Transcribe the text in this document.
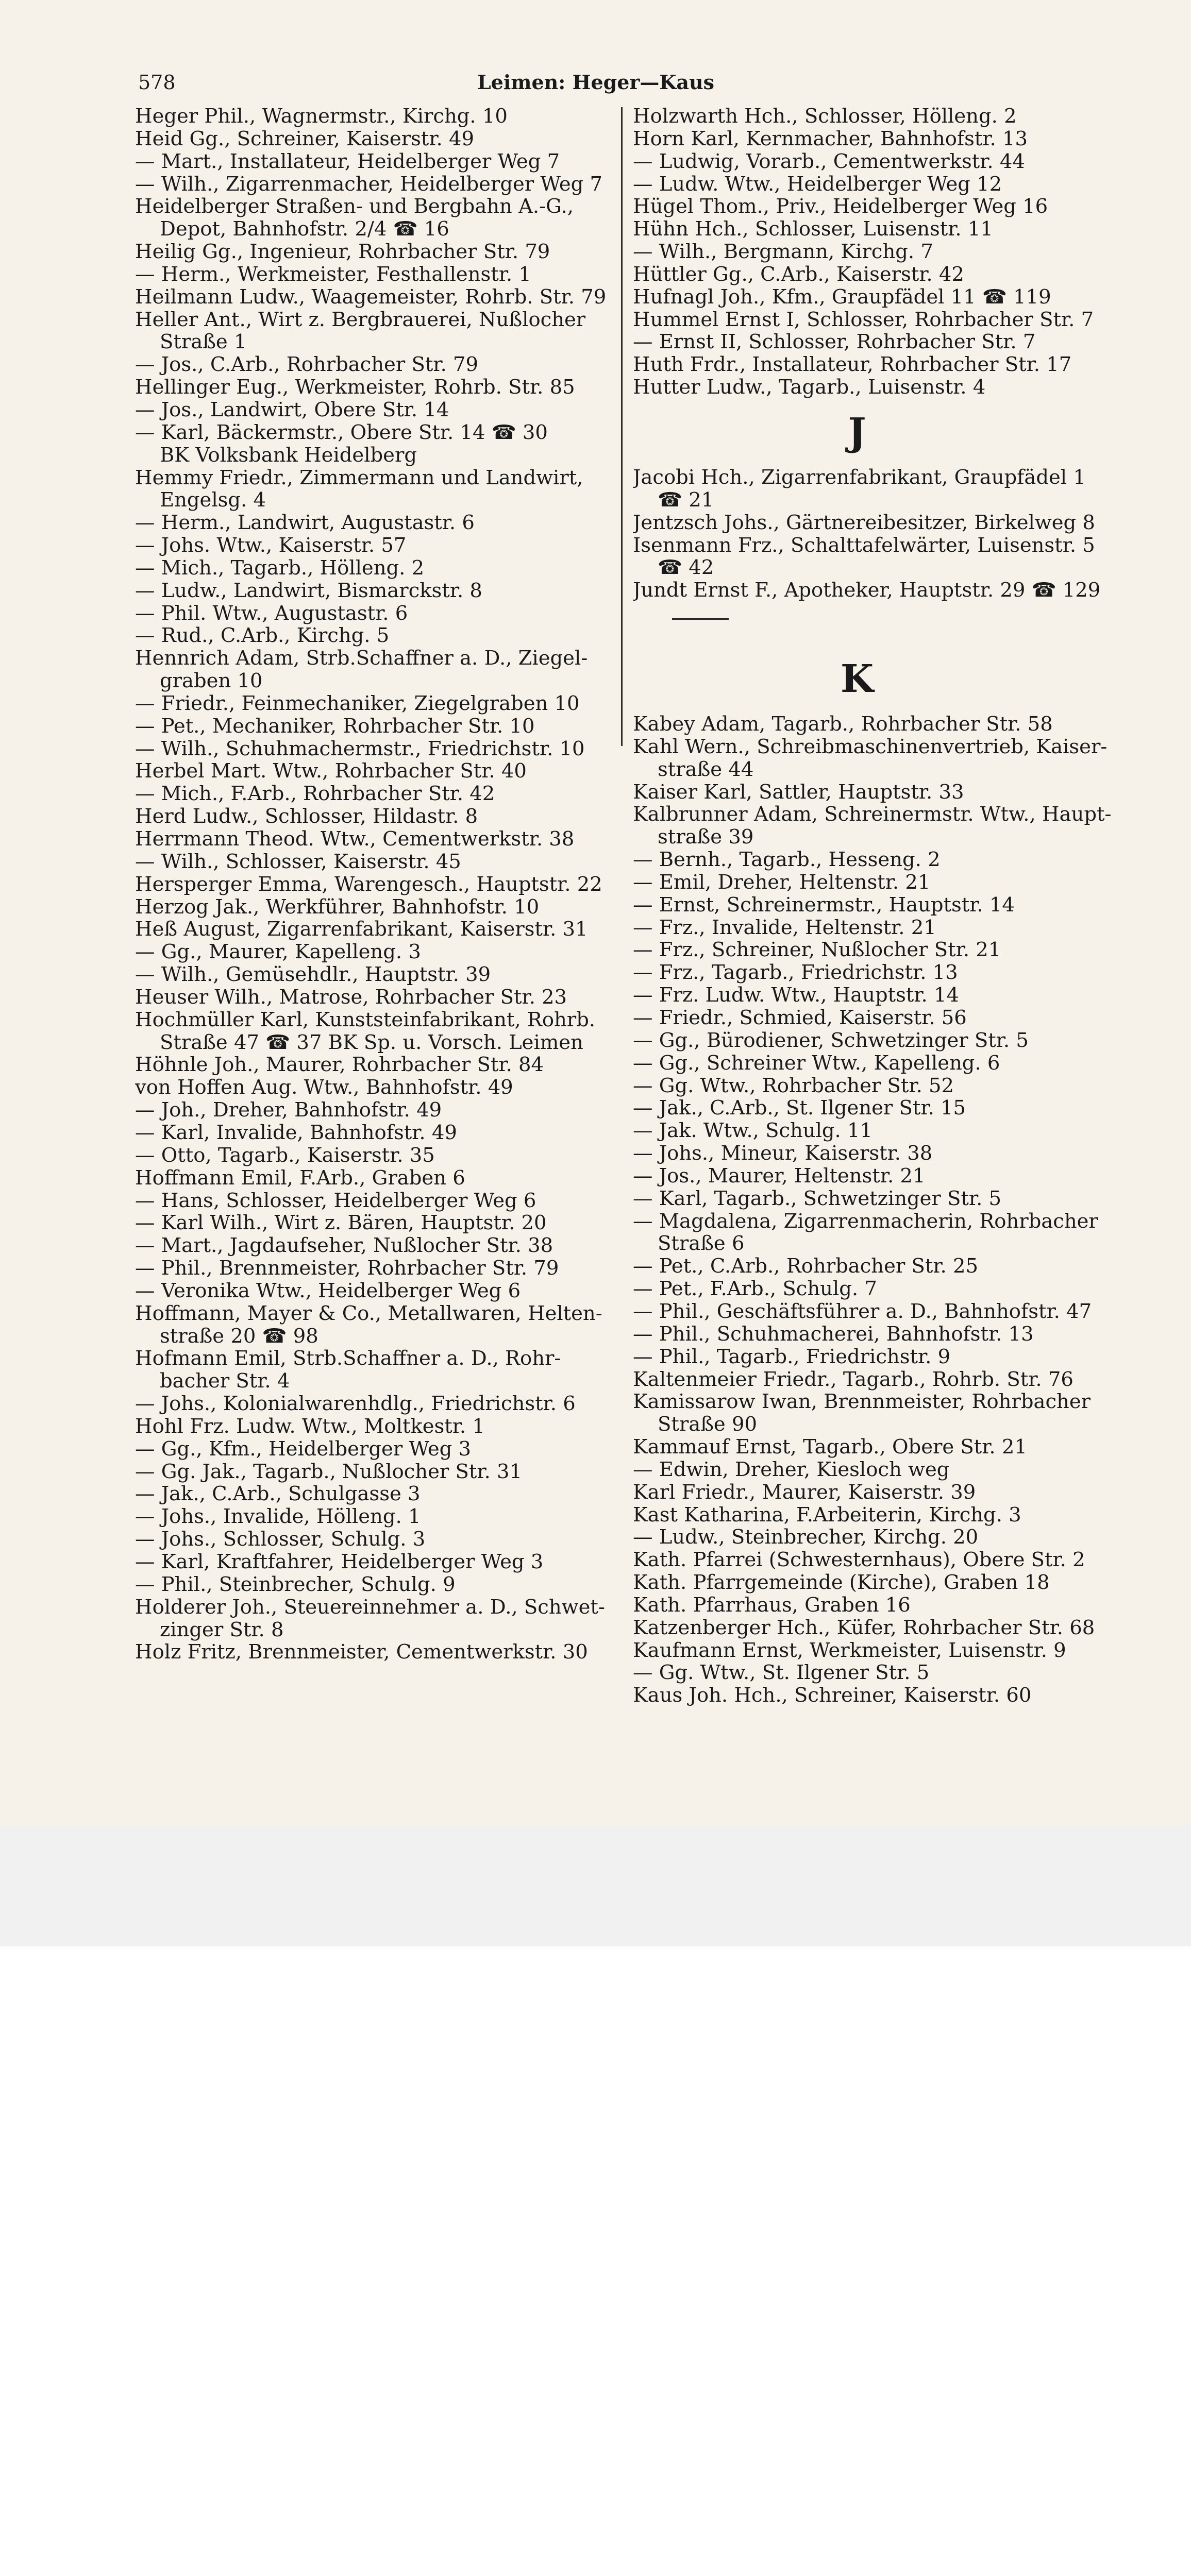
578	Leimen: Heger—Kaus
Heger Phil., Wagnermstr., Kirchg. 10
Heid Gg., Schreiner, Kaiserstr. 49
— Mart., Installateur, Heidelberger Weg 7
— Wilh., Zigarrenmacher, Heidelberger Weg 7
Heidelberger Straßen- und Bergbahn A.-G.,
Depot, Bahnhofstr. 2/4 ☎ 16
Heilig Gg., Ingenieur, Rohrbacher Str. 79
— Herm., Werkmeister, Festhallenstr. 1
Heilmann Ludw., Waagemeister, Rohrb. Str. 79
Heller Ant., Wirt z. Bergbrauerei, Nußlocher
Straße 1
— Jos., C.Arb., Rohrbacher Str. 79
Hellinger Eug., Werkmeister, Rohrb. Str. 85
— Jos., Landwirt, Obere Str. 14
— Karl, Bäckermstr., Obere Str. 14 ☎ 30
BK Volksbank Heidelberg
Hemmy Friedr., Zimmermann und Landwirt,
Engelsg. 4
— Herm., Landwirt, Augustastr. 6
— Johs. Wtw., Kaiserstr. 57
— Mich., Tagarb., Hölleng. 2
— Ludw., Landwirt, Bismarckstr. 8
— Phil. Wtw., Augustastr. 6
— Rud., C.Arb., Kirchg. 5
Hennrich Adam, Strb.Schaffner a. D., Ziegel-
graben 10
— Friedr., Feinmechaniker, Ziegelgraben 10
— Pet., Mechaniker, Rohrbacher Str. 10
— Wilh., Schuhmachermstr., Friedrichstr. 10
Herbel Mart. Wtw., Rohrbacher Str. 40
— Mich., F.Arb., Rohrbacher Str. 42
Herd Ludw., Schlosser, Hildastr. 8
Herrmann Theod. Wtw., Cementwerkstr. 38
— Wilh., Schlosser, Kaiserstr. 45
Hersperger Emma, Warengesch., Hauptstr. 22
Herzog Jak., Werkführer, Bahnhofstr. 10
Heß August, Zigarrenfabrikant, Kaiserstr. 31
— Gg., Maurer, Kapelleng. 3
— Wilh., Gemüsehdlr., Hauptstr. 39
Heuser Wilh., Matrose, Rohrbacher Str. 23
Hochmüller Karl, Kunststeinfabrikant, Rohrb.
Straße 47 ☎ 37 BK Sp. u. Vorsch. Leimen
Höhnle Joh., Maurer, Rohrbacher Str. 84
von Hoffen Aug. Wtw., Bahnhofstr. 49
— Joh., Dreher, Bahnhofstr. 49
— Karl, Invalide, Bahnhofstr. 49
— Otto, Tagarb., Kaiserstr. 35
Hoffmann Emil, F.Arb., Graben 6
— Hans, Schlosser, Heidelberger Weg 6
— Karl Wilh., Wirt z. Bären, Hauptstr. 20
— Mart., Jagdaufseher, Nußlocher Str. 38
— Phil., Brennmeister, Rohrbacher Str. 79
— Veronika Wtw., Heidelberger Weg 6
Hoffmann, Mayer & Co., Metallwaren, Helten-
straße 20 ☎ 98
Hofmann Emil, Strb.Schaffner a. D., Rohr-
bacher Str. 4
— Johs., Kolonialwarenhdlg., Friedrichstr. 6
Hohl Frz. Ludw. Wtw., Moltkestr. 1
— Gg., Kfm., Heidelberger Weg 3
— Gg. Jak., Tagarb., Nußlocher Str. 31
— Jak., C.Arb., Schulgasse 3
— Johs., Invalide, Hölleng. 1
— Johs., Schlosser, Schulg. 3
— Karl, Kraftfahrer, Heidelberger Weg 3
— Phil., Steinbrecher, Schulg. 9
Holderer Joh., Steuereinnehmer a. D., Schwet-
zinger Str. 8
Holz Fritz, Brennmeister, Cementwerkstr. 30
Holzwarth Hch., Schlosser, Hölleng. 2
Horn Karl, Kernmacher, Bahnhofstr. 13
— Ludwig, Vorarb., Cementwerkstr. 44
— Ludw. Wtw., Heidelberger Weg 12
Hügel Thom., Priv., Heidelberger Weg 16
Hühn Hch., Schlosser, Luisenstr. 11
— Wilh., Bergmann, Kirchg. 7
Hüttler Gg., C.Arb., Kaiserstr. 42
Hufnagl Joh., Kfm., Graupfädel 11 ☎ 119
Hummel Ernst I, Schlosser, Rohrbacher Str. 7
— Ernst II, Schlosser, Rohrbacher Str. 7
Huth Frdr., Installateur, Rohrbacher Str. 17
Hutter Ludw., Tagarb., Luisenstr. 4
J
Jacobi Hch., Zigarrenfabrikant, Graupfädel 1
☎ 21
Jentzsch Johs., Gärtnereibesitzer, Birkelweg 8
Isenmann Frz., Schalttafelwärter, Luisenstr. 5
☎ 42
Jundt Ernst F., Apotheker, Hauptstr. 29 ☎ 129
K
Kabey Adam, Tagarb., Rohrbacher Str. 58
Kahl Wern., Schreibmaschinenvertrieb, Kaiser-
straße 44
Kaiser Karl, Sattler, Hauptstr. 33
Kalbrunner Adam, Schreinermstr. Wtw., Haupt-
straße 39
— Bernh., Tagarb., Hesseng. 2
— Emil, Dreher, Heltenstr. 21
— Ernst, Schreinermstr., Hauptstr. 14
— Frz., Invalide, Heltenstr. 21
— Frz., Schreiner, Nußlocher Str. 21
— Frz., Tagarb., Friedrichstr. 13
— Frz. Ludw. Wtw., Hauptstr. 14
— Friedr., Schmied, Kaiserstr. 56
— Gg., Bürodiener, Schwetzinger Str. 5
— Gg., Schreiner Wtw., Kapelleng. 6
— Gg. Wtw., Rohrbacher Str. 52
— Jak., C.Arb., St. Ilgener Str. 15
— Jak. Wtw., Schulg. 11
— Johs., Mineur, Kaiserstr. 38
— Jos., Maurer, Heltenstr. 21
— Karl, Tagarb., Schwetzinger Str. 5
— Magdalena, Zigarrenmacherin, Rohrbacher
Straße 6
— Pet., C.Arb., Rohrbacher Str. 25
— Pet., F.Arb., Schulg. 7
— Phil., Geschäftsführer a. D., Bahnhofstr. 47
— Phil., Schuhmacherei, Bahnhofstr. 13
— Phil., Tagarb., Friedrichstr. 9
Kaltenmeier Friedr., Tagarb., Rohrb. Str. 76
Kamissarow Iwan, Brennmeister, Rohrbacher
Straße 90
Kammauf Ernst, Tagarb., Obere Str. 21
— Edwin, Dreher, Kiesloch weg
Karl Friedr., Maurer, Kaiserstr. 39
Kast Katharina, F.Arbeiterin, Kirchg. 3
— Ludw., Steinbrecher, Kirchg. 20
Kath. Pfarrei (Schwesternhaus), Obere Str. 2
Kath. Pfarrgemeinde (Kirche), Graben 18
Kath. Pfarrhaus, Graben 16
Katzenberger Hch., Küfer, Rohrbacher Str. 68
Kaufmann Ernst, Werkmeister, Luisenstr. 9
— Gg. Wtw., St. Ilgener Str. 5
Kaus Joh. Hch., Schreiner, Kaiserstr. 60
